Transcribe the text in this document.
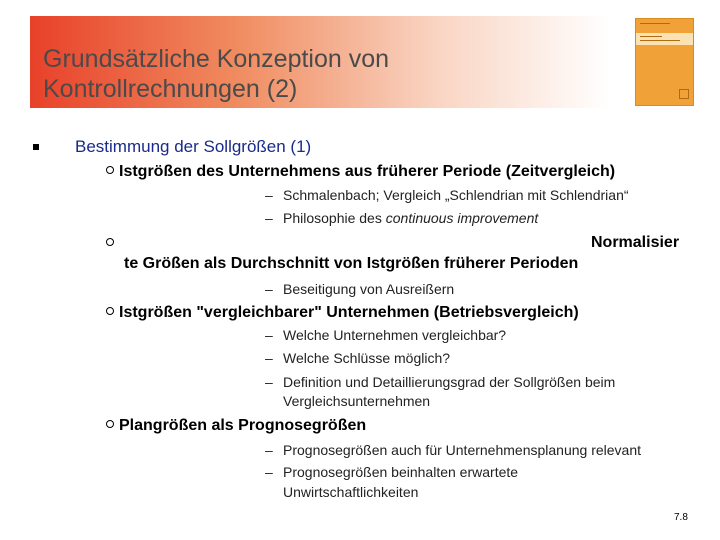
Grundsätzliche Konzeption von Kontrollrechnungen (2)
Bestimmung der Sollgrößen (1)
Istgrößen des Unternehmens aus früherer Periode (Zeitvergleich)
– Schmalenbach; Vergleich „Schlendrian mit Schlendrian“
– Philosophie des continuous improvement
Normalisier
te Größen als Durchschnitt von Istgrößen früherer Perioden
– Beseitigung von Ausreißern
Istgrößen "vergleichbarer" Unternehmen (Betriebsvergleich)
– Welche Unternehmen vergleichbar?
– Welche Schlüsse möglich?
– Definition und Detaillierungsgrad der Sollgrößen beim
Vergleichsunternehmen
Plangrößen als Prognosegrößen
– Prognosegrößen auch für Unternehmensplanung relevant
– Prognosegrößen beinhalten erwartete
Unwirtschaftlichkeiten
7.8
